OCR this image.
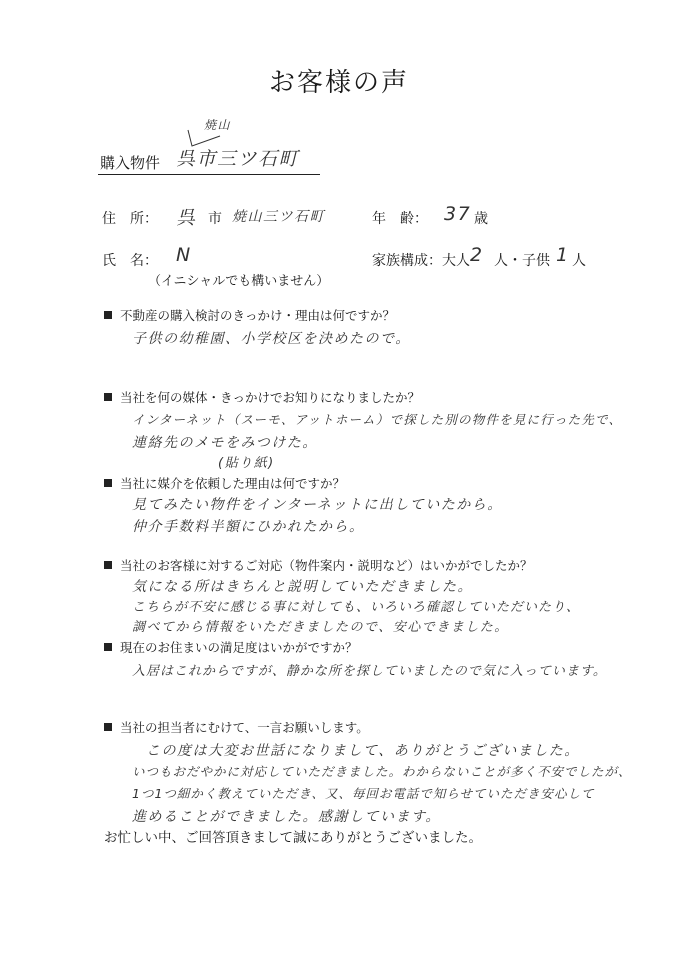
お客様の声
購入物件 呉市三ツ石町
焼山
住　所： 呉 市 焼山三ツ石町	年　齢： 37 歳
氏　名： N
（イニシャルでも構いません）
家族構成：大人 2 人・子供 1 人
不動産の購入検討のきっかけ・理由は何ですか？
子供の幼稚園、小学校区を決めたので。
当社を何の媒体・きっかけでお知りになりましたか？
インターネット（スーモ、アットホーム）で探した別の物件を見に行った先で、
連絡先のメモをみつけた。
(貼り紙)
当社に媒介を依頼した理由は何ですか？
見てみたい物件をインターネットに出していたから。
仲介手数料半額にひかれたから。
当社のお客様に対するご対応（物件案内・説明など）はいかがでしたか？
気になる所はきちんと説明していただきました。
こちらが不安に感じる事に対しても、いろいろ確認していただいたり、
調べてから情報をいただきましたので、安心できました。
現在のお住まいの満足度はいかがですか？
入居はこれからですが、静かな所を探していましたので気に入っています。
当社の担当者にむけて、一言お願いします。
この度は大変お世話になりまして、ありがとうございました。
いつもおだやかに対応していただきました。わからないことが多く不安でしたが、
1つ1つ細かく教えていただき、又、毎回お電話で知らせていただき安心して
進めることができました。感謝しています。
お忙しい中、ご回答頂きまして誠にありがとうございました。
